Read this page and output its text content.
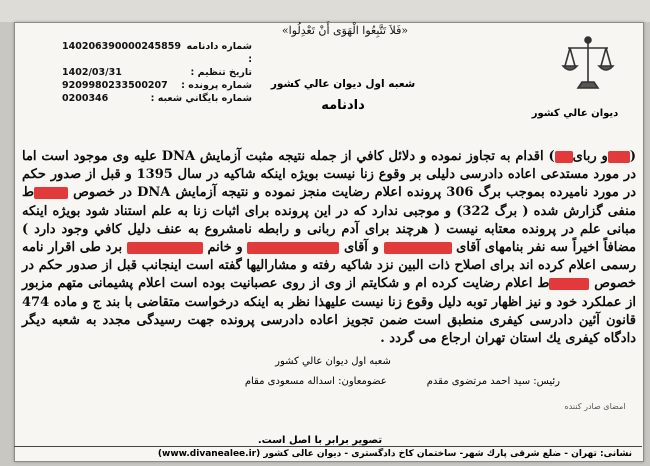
«فَلاَ تَتَّبِعُوا الْهَوَى أَنْ تَعْدِلُوا»
شماره دادنامه :
140206390000245859
تاريخ تنظيم :
1402/03/31
شماره پرونده :
9209980233500207
شماره بايگاني شعبه :
0200346
ديوان عالي كشور
شعبه اول ديوان عالي كشور
دادنامه
(و ربای) اقدام به تجاوز نموده و دلائل كافي از جمله نتيجه مثبت آزمايش DNA عليه وی موجود است اما در مورد مستدعی اعاده دادرسی دليلی بر وقوع زنا نيست بويژه اينكه شاكيه در سال 1395 و قبل از صدور حكم در مورد ناميرده بموجب برگ 306 پرونده اعلام رضايت منجز نموده و نتيجه آزمايش DNA در خصوص ط منفی گزارش شده ( برگ 322) و موجبی ندارد كه در اين پرونده برای اثبات زنا به علم استناد شود بويژه اينكه مبانی علم در پرونده معتابه نيست ( هرچند برای آدم ربانی و رابطه نامشروع به عنف دليل كافي وجود دارد ) مضافاً اخيراً سه نفر بنامهای آقای  و آقای  و خانم  برد طی اقرار نامه رسمی اعلام كرده اند برای اصلاح ذات البين نزد شاكيه رفته و مشاراليها گفته است اينجانب قبل از صدور حكم در خصوص ط اعلام رضايت كرده ام و شكايتم از وی از روی عصبانيت بوده است اعلام پشيمانی متهم مزبور از عملكرد خود و نيز اظهار توبه دليل وقوع زنا نيست عليهذا نظر به اينكه درخواست متقاضی با بند ج و ماده 474 قانون آئين دادرسی كيفری منطبق است ضمن تجويز اعاده دادرسی پرونده جهت رسيدگی مجدد به شعبه ديگر دادگاه كيفری يك استان تهران ارجاع می گردد .
شعبه اول ديوان عالي كشور
رئيس: سيد احمد مرتضوی مقدم
عضومعاون: اسداله مسعودی مقام
امضای صادر كننده
تصوير برابر با اصل است.
نشانی: تهران - ضلع شرقی پارك شهر- ساختمان كاخ دادگستری - ديوان عالی كشور (www.divanealee.ir)
